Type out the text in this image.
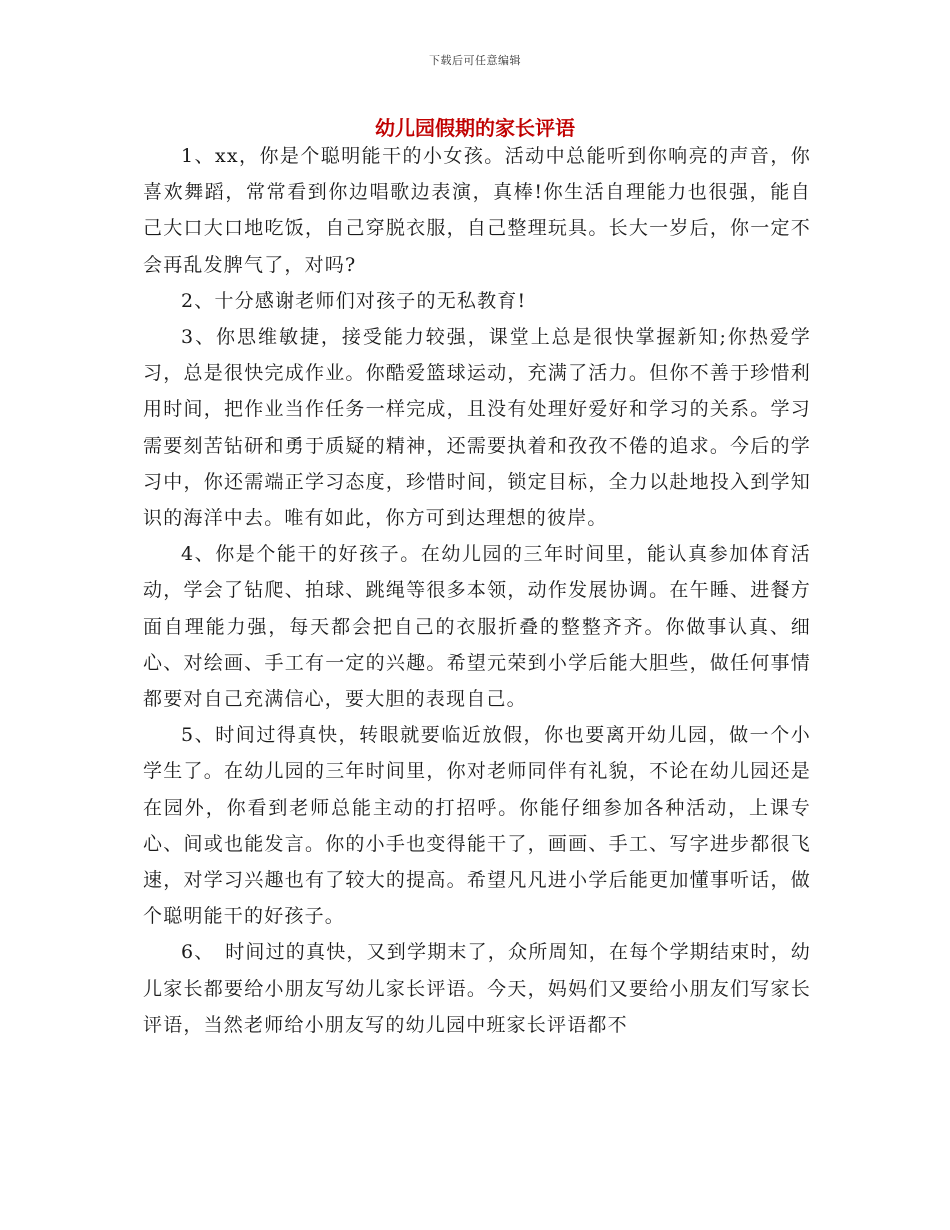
下载后可任意编辑
幼儿园假期的家长评语

1、xx，你是个聪明能干的小女孩。活动中总能听到你响亮的声音，你喜欢舞蹈，常常看到你边唱歌边表演，真棒!你生活自理能力也很强，能自己大口大口地吃饭，自己穿脱衣服，自己整理玩具。长大一岁后，你一定不会再乱发脾气了，对吗?

2、十分感谢老师们对孩子的无私教育!

3、你思维敏捷，接受能力较强，课堂上总是很快掌握新知;你热爱学习，总是很快完成作业。你酷爱篮球运动，充满了活力。但你不善于珍惜利用时间，把作业当作任务一样完成，且没有处理好爱好和学习的关系。学习需要刻苦钻研和勇于质疑的精神，还需要执着和孜孜不倦的追求。今后的学习中，你还需端正学习态度，珍惜时间，锁定目标，全力以赴地投入到学知识的海洋中去。唯有如此，你方可到达理想的彼岸。

4、你是个能干的好孩子。在幼儿园的三年时间里，能认真参加体育活动，学会了钻爬、拍球、跳绳等很多本领，动作发展协调。在午睡、进餐方面自理能力强，每天都会把自己的衣服折叠的整整齐齐。你做事认真、细心、对绘画、手工有一定的兴趣。希望元荣到小学后能大胆些，做任何事情都要对自己充满信心，要大胆的表现自己。

5、时间过得真快，转眼就要临近放假，你也要离开幼儿园，做一个小学生了。在幼儿园的三年时间里，你对老师同伴有礼貌，不论在幼儿园还是在园外，你看到老师总能主动的打招呼。你能仔细参加各种活动，上课专心、间或也能发言。你的小手也变得能干了，画画、手工、写字进步都很飞速，对学习兴趣也有了较大的提高。希望凡凡进小学后能更加懂事听话，做个聪明能干的好孩子。

6、　时间过的真快，又到学期末了，众所周知，在每个学期结束时，幼儿家长都要给小朋友写幼儿家长评语。今天，妈妈们又要给小朋友们写家长评语，当然老师给小朋友写的幼儿园中班家长评语都不
